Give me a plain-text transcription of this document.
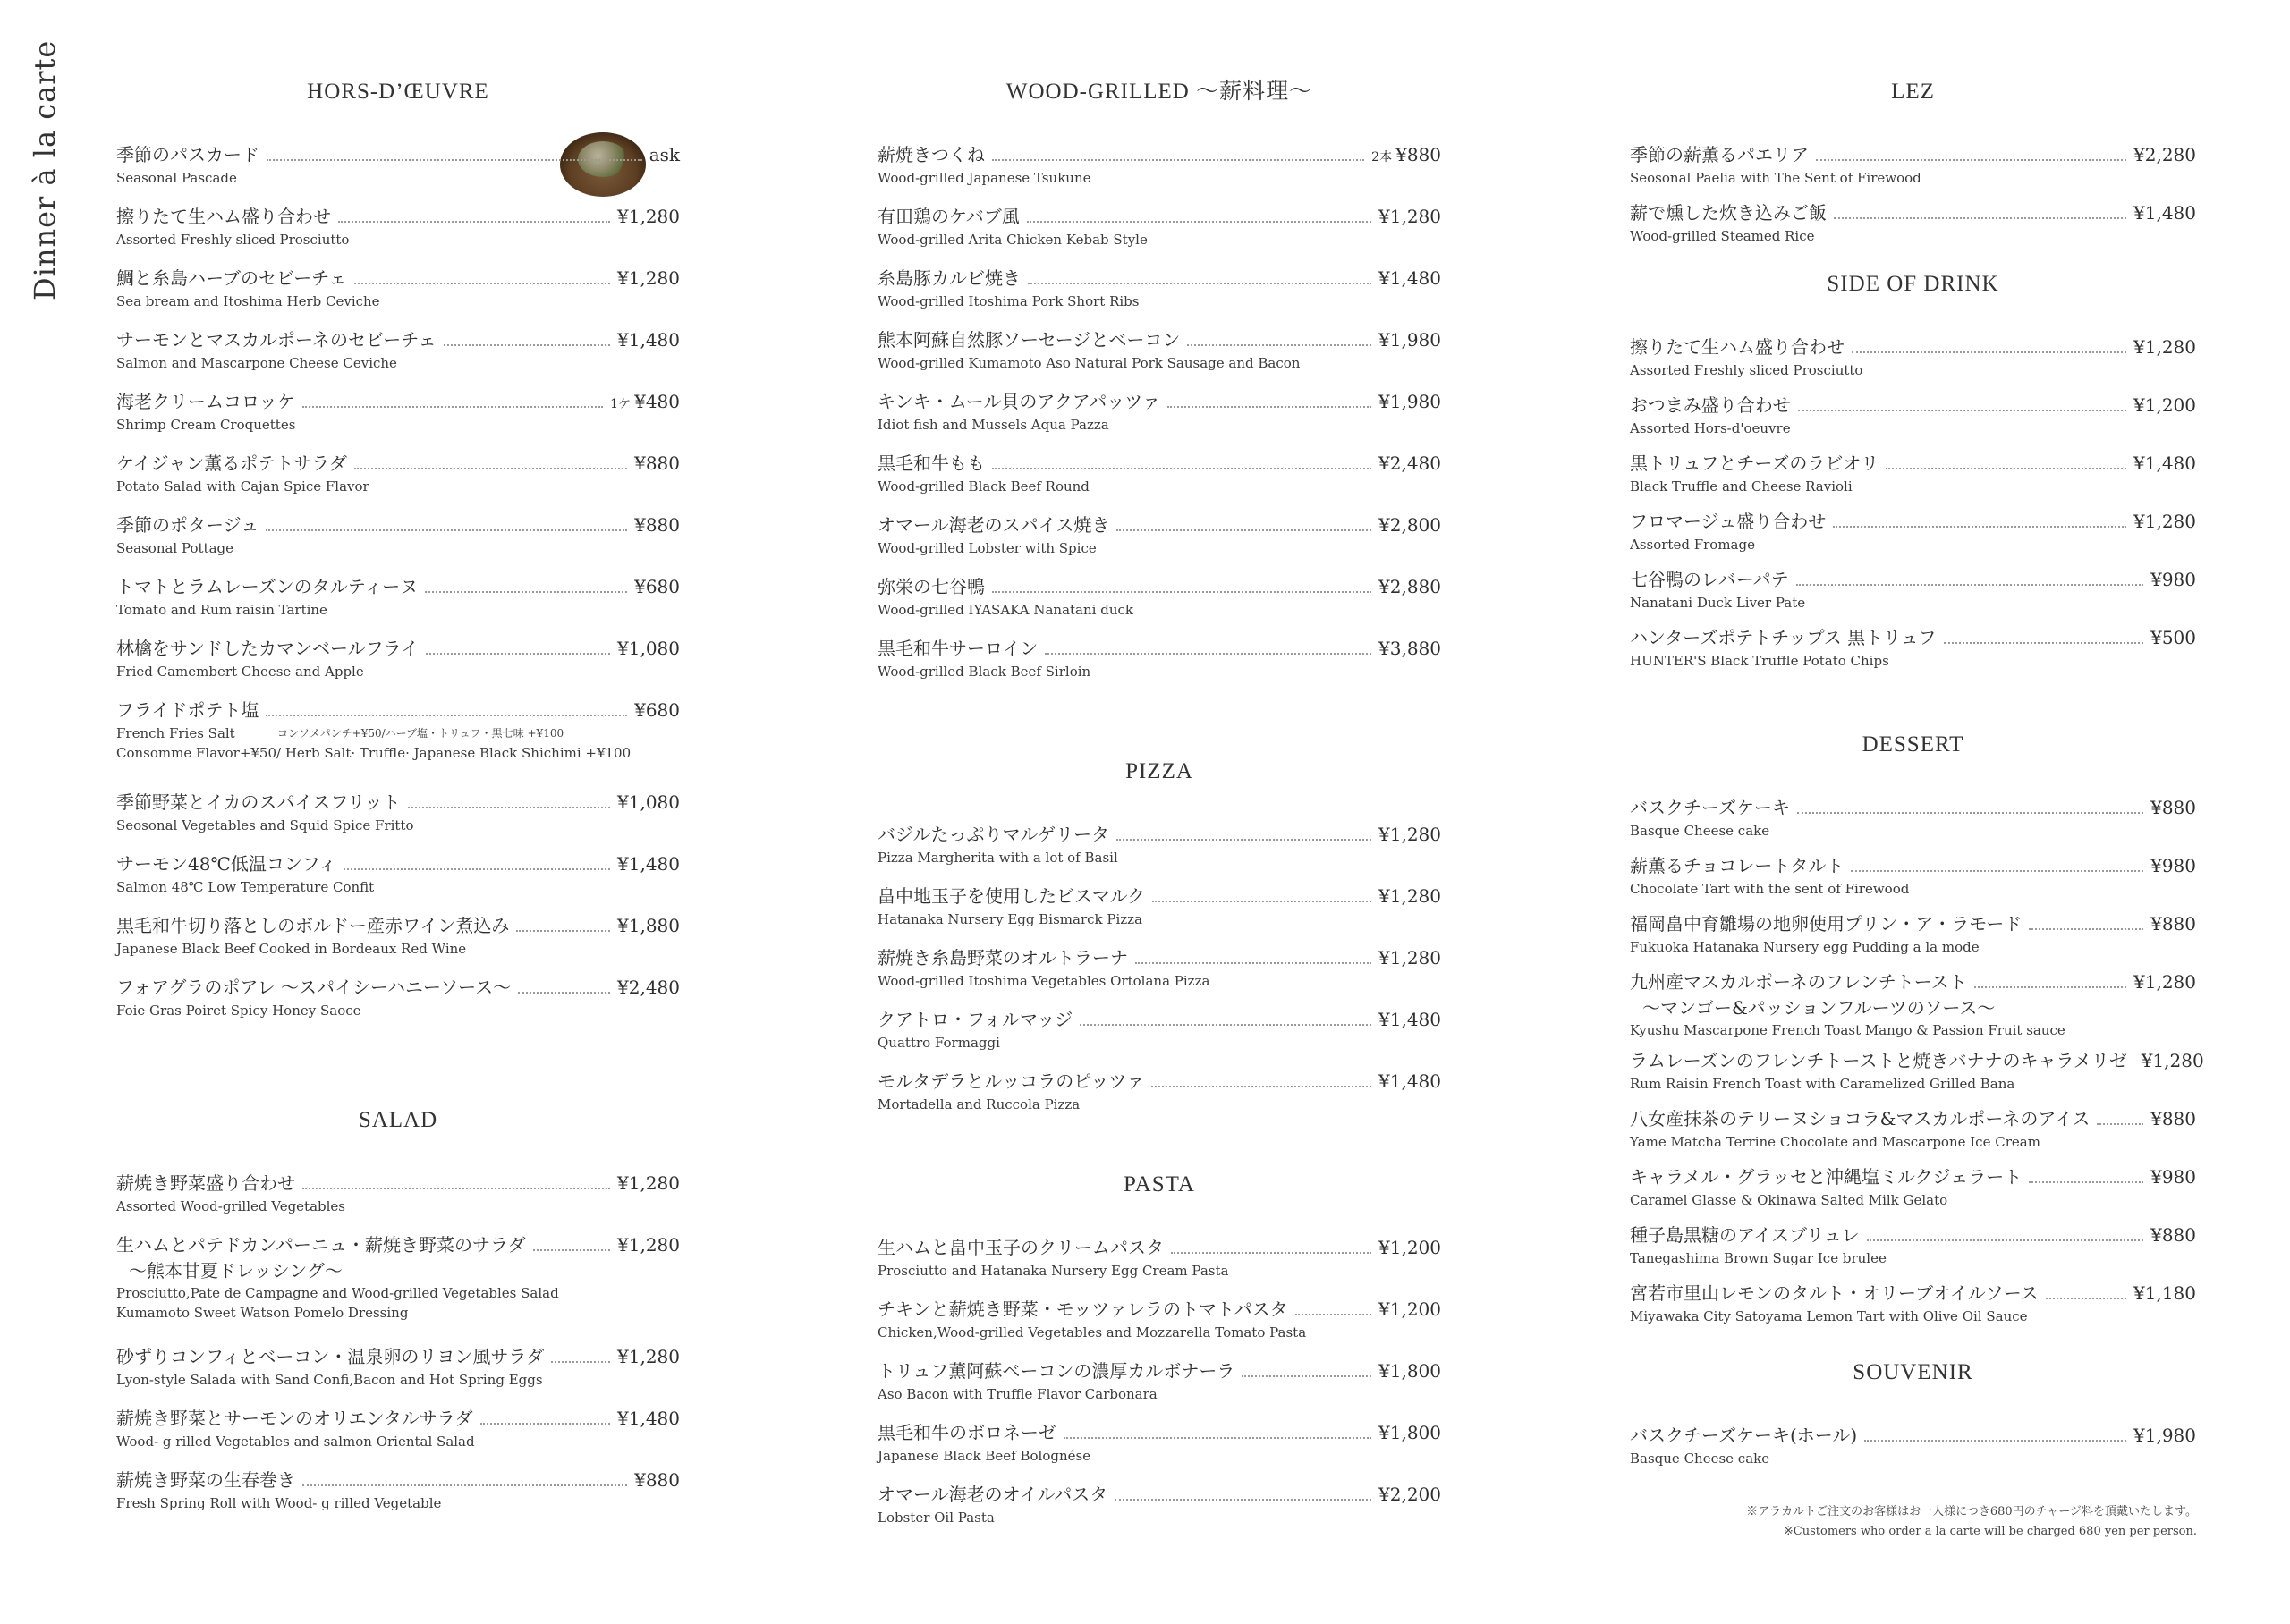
Dinner à la carte	HORS-D’ŒUVRE
季節のパスカード	ask
Seasonal Pascade
擦りたて生ハム盛り合わせ	¥1,280
Assorted Freshly sliced Prosciutto
鯛と糸島ハーブのセビーチェ	¥1,280
Sea bream and Itoshima Herb Ceviche
サーモンとマスカルポーネのセビーチェ	¥1,480
Salmon and Mascarpone Cheese Ceviche
海老クリームコロッケ	1ケ ¥480
Shrimp Cream Croquettes
ケイジャン薫るポテトサラダ	¥880
Potato Salad with Cajan Spice Flavor
季節のポタージュ	¥880
Seasonal Pottage
トマトとラムレーズンのタルティーヌ	¥680
Tomato and Rum raisin Tartine
林檎をサンドしたカマンベールフライ	¥1,080
Fried Camembert Cheese and Apple
フライドポテト塩	¥680
French Fries Salt
Consomme Flavor+¥50/ Herb Salt· Truffle· Japanese Black Shichimi +¥100
コンソメパンチ+¥50/ハーブ塩・トリュフ・黒七味 +¥100
季節野菜とイカのスパイスフリット	¥1,080
Seosonal Vegetables and Squid Spice Fritto
サーモン48℃低温コンフィ	¥1,480
Salmon 48℃ Low Temperature Confit
黒毛和牛切り落としのボルドー産赤ワイン煮込み	¥1,880
Japanese Black Beef Cooked in Bordeaux Red Wine
フォアグラのポアレ ～スパイシーハニーソース～	¥2,480
Foie Gras Poiret Spicy Honey Saoce
SALAD
薪焼き野菜盛り合わせ	¥1,280
Assorted Wood-grilled Vegetables
生ハムとパテドカンパーニュ・薪焼き野菜のサラダ	¥1,280
～熊本甘夏ドレッシング～
Prosciutto,Pate de Campagne and Wood-grilled Vegetables Salad
Kumamoto Sweet Watson Pomelo Dressing
砂ずりコンフィとベーコン・温泉卵のリヨン風サラダ	¥1,280
Lyon-style Salada with Sand Confi,Bacon and Hot Spring Eggs
薪焼き野菜とサーモンのオリエンタルサラダ	¥1,480
Wood- g rilled Vegetables and salmon Oriental Salad
薪焼き野菜の生春巻き	¥880
Fresh Spring Roll with Wood- g rilled Vegetable
WOOD-GRILLED ～薪料理～
薪焼きつくね	2本 ¥880
Wood-grilled Japanese Tsukune
有田鶏のケバブ風	¥1,280
Wood-grilled Arita Chicken Kebab Style
糸島豚カルビ焼き	¥1,480
Wood-grilled Itoshima Pork Short Ribs
熊本阿蘇自然豚ソーセージとベーコン	¥1,980
Wood-grilled Kumamoto Aso Natural Pork Sausage and Bacon
キンキ・ムール貝のアクアパッツァ	¥1,980
Idiot fish and Mussels Aqua Pazza
黒毛和牛もも	¥2,480
Wood-grilled Black Beef Round
オマール海老のスパイス焼き	¥2,800
Wood-grilled Lobster with Spice
弥栄の七谷鴨	¥2,880
Wood-grilled IYASAKA Nanatani duck
黒毛和牛サーロイン	¥3,880
Wood-grilled Black Beef Sirloin
PIZZA
バジルたっぷりマルゲリータ	¥1,280
Pizza Margherita with a lot of Basil
畠中地玉子を使用したビスマルク	¥1,280
Hatanaka Nursery Egg Bismarck Pizza
薪焼き糸島野菜のオルトラーナ	¥1,280
Wood-grilled Itoshima Vegetables Ortolana Pizza
クアトロ・フォルマッジ	¥1,480
Quattro Formaggi
モルタデラとルッコラのピッツァ	¥1,480
Mortadella and Ruccola Pizza
PASTA
生ハムと畠中玉子のクリームパスタ	¥1,200
Prosciutto and Hatanaka Nursery Egg Cream Pasta
チキンと薪焼き野菜・モッツァレラのトマトパスタ	¥1,200
Chicken,Wood-grilled Vegetables and Mozzarella Tomato Pasta
トリュフ薫阿蘇ベーコンの濃厚カルボナーラ	¥1,800
Aso Bacon with Truffle Flavor Carbonara
黒毛和牛のボロネーゼ	¥1,800
Japanese Black Beef Bolognése
オマール海老のオイルパスタ	¥2,200
Lobster Oil Pasta
LEZ
季節の薪薫るパエリア	¥2,280
Seosonal Paelia with The Sent of Firewood
薪で燻した炊き込みご飯	¥1,480
Wood-grilled Steamed Rice
SIDE OF DRINK
擦りたて生ハム盛り合わせ	¥1,280
Assorted Freshly sliced Prosciutto
おつまみ盛り合わせ	¥1,200
Assorted Hors-d'oeuvre
黒トリュフとチーズのラビオリ	¥1,480
Black Truffle and Cheese Ravioli
フロマージュ盛り合わせ	¥1,280
Assorted Fromage
七谷鴨のレバーパテ	¥980
Nanatani Duck Liver Pate
ハンターズポテトチップス 黒トリュフ	¥500
HUNTER'S Black Truffle Potato Chips
DESSERT
バスクチーズケーキ	¥880
Basque Cheese cake
薪薫るチョコレートタルト	¥980
Chocolate Tart with the sent of Firewood
福岡畠中育雛場の地卵使用プリン・ア・ラモード	¥880
Fukuoka Hatanaka Nursery egg Pudding a la mode
九州産マスカルポーネのフレンチトースト	¥1,280
～マンゴー&パッションフルーツのソース～
Kyushu Mascarpone French Toast Mango & Passion Fruit sauce
ラムレーズンのフレンチトーストと焼きバナナのキャラメリゼ ¥1,280
Rum Raisin French Toast with Caramelized Grilled Bana
八女産抹茶のテリーヌショコラ&マスカルポーネのアイス	¥880
Yame Matcha Terrine Chocolate and Mascarpone Ice Cream
キャラメル・グラッセと沖縄塩ミルクジェラート	¥980
Caramel Glasse & Okinawa Salted Milk Gelato
種子島黒糖のアイスブリュレ	¥880
Tanegashima Brown Sugar Ice brulee
宮若市里山レモンのタルト・オリーブオイルソース	¥1,180
Miyawaka City Satoyama Lemon Tart with Olive Oil Sauce
SOUVENIR
バスクチーズケーキ(ホール)	¥1,980
Basque Cheese cake
※アラカルトご注文のお客様はお一人様につき680円のチャージ料を頂戴いたします。
※Customers who order a la carte will be charged 680 yen per person.
